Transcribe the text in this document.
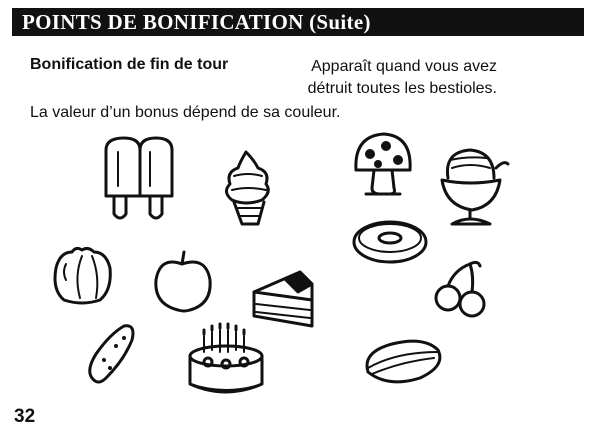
POINTS DE BONIFICATION (Suite)
Bonification de fin de tour	Apparaît quand vous avez détruit toutes les bestioles.

La valeur d’un bonus dépend de sa couleur.

32
